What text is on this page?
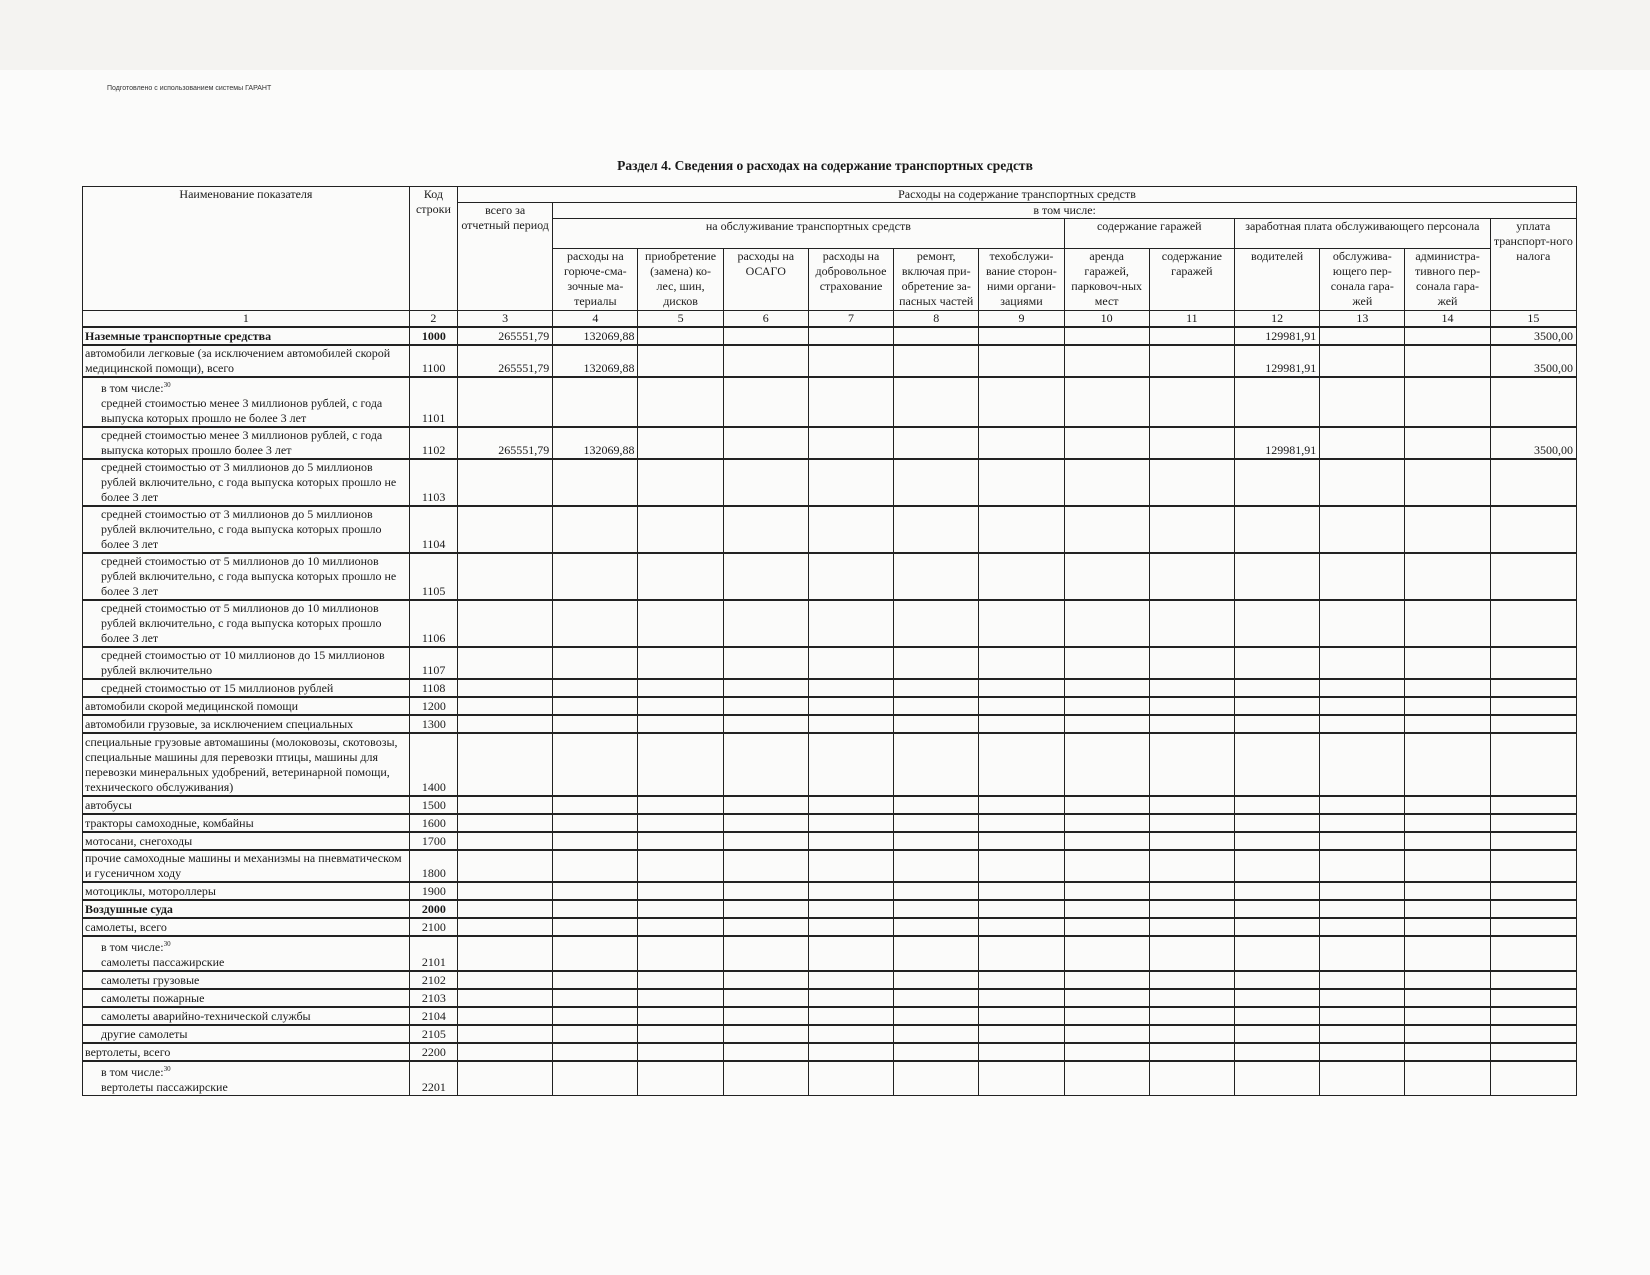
Подготовлено с использованием системы ГАРАНТ
Раздел 4. Сведения о расходах на содержание транспортных средств
Наименование показателя	Код строки	Расходы на содержание транспортных средств												
		всего за отчетный период	в том числе:											
			на обслуживание транспортных средств						содержание гаражей		заработная плата обслуживающего персонала			уплата транспорт-ного налога
			расходы на горюче-сма-зочные ма-териалы	приобретение (замена) ко-лес, шин, дисков	расходы на ОСАГО	расходы на добровольное страхование	ремонт, включая при-обретение за-пасных частей	техобслужи-вание сторон-ними органи-зациями	аренда гаражей, парковоч-ных мест	содержание гаражей	водителей	обслужива-ющего пер-сонала гара-жей	администра-тивного пер-сонала гара-жей	
1	2	3	4	5	6	7	8	9	10	11	12	13	14	15
Наземные транспортные средства	1000	265551,79	132069,88								129981,91			3500,00
автомобили легковые (за исключением автомобилей скорой медицинской помощи), всего	1100	265551,79	132069,88								129981,91			3500,00
в том числе:$^{30}$
средней стоимостью менее 3 миллионов рублей, с года выпуска которых прошло не более 3 лет	1101													
средней стоимостью менее 3 миллионов рублей, с года выпуска которых прошло более 3 лет	1102	265551,79	132069,88								129981,91			3500,00
средней стоимостью от 3 миллионов до 5 миллионов рублей включительно, с года выпуска которых прошло не более 3 лет	1103													
средней стоимостью от 3 миллионов до 5 миллионов рублей включительно, с года выпуска которых прошло более 3 лет	1104													
средней стоимостью от 5 миллионов до 10 миллионов рублей включительно, с года выпуска которых прошло не более 3 лет	1105													
средней стоимостью от 5 миллионов до 10 миллионов рублей включительно, с года выпуска которых прошло более 3 лет	1106													
средней стоимостью от 10 миллионов до 15 миллионов рублей включительно	1107													
средней стоимостью от 15 миллионов рублей	1108													
автомобили скорой медицинской помощи	1200													
автомобили грузовые, за исключением специальных	1300													
специальные грузовые автомашины (молоковозы, скотовозы, специальные машины для перевозки птицы, машины для перевозки минеральных удобрений, ветеринарной помощи, технического обслуживания)	1400													
автобусы	1500													
тракторы самоходные, комбайны	1600													
мотосани, снегоходы	1700													
прочие самоходные машины и механизмы на пневматическом и гусеничном ходу	1800													
мотоциклы, мотороллеры	1900													
Воздушные суда	2000													
самолеты, всего	2100													
в том числе:$^{30}$
самолеты пассажирские	2101													
самолеты грузовые	2102													
самолеты пожарные	2103													
самолеты аварийно-технической службы	2104													
другие самолеты	2105													
вертолеты, всего	2200													
в том числе:$^{30}$
вертолеты пассажирские	2201													
